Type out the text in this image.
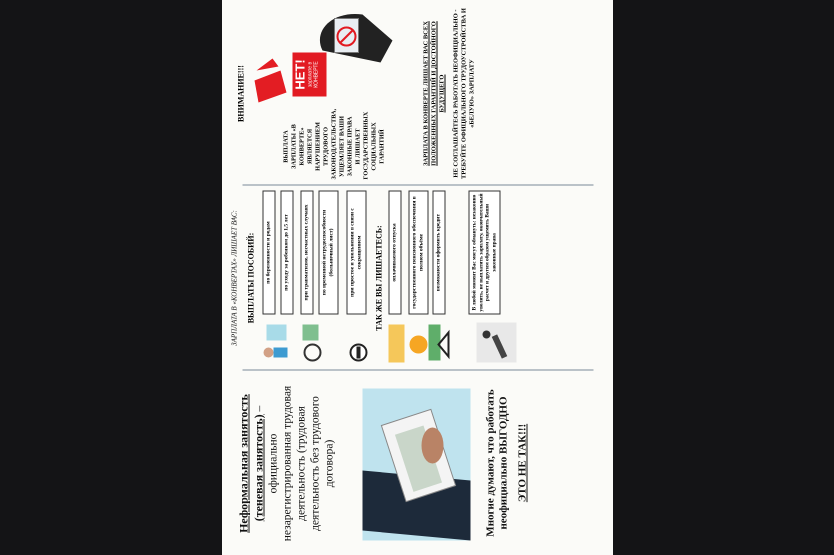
Неформальная занятость (теневая занятость) –
официально незарегистрированная трудовая деятельность (трудовая деятельность без трудового договора)	Многие думают, что работать неофициально ВЫГОДНО ЭТО НЕ ТАК!!!
ЗАРПЛАТА В «КОНВЕРТАХ» ЛИШАЕТ ВАС: ВЫПЛАТЫ ПОСОБИЙ:	по беременности и родам	по уходу за ребенком до 1,5 лет	при травматизме, несчастных случаях	по временной нетрудоспособности (больничный лист)	при простое и увольнении в связи с сокращением	ТАК ЖЕ ВЫ ЛИШАЕТЕСЬ:	оплачиваемого отпуска	государственного пенсионного обеспечения в полном объёме	возможности оформить кредит	В любой момент Вас могут обмануть: незаконно уволить, не выплатить зарплату, окончательный расчет и другим образом ущемить Ваши законные права
ВНИМАНИЕ!!!
ВЫПЛАТА ЗАРПЛАТЫ «В КОНВЕРТЕ» ЯВЛЯЕТСЯ НАРУШЕНИЕМ ТРУДОВОГО ЗАКОНОДАТЕЛЬСТВА, УЩЕМЛЯЕТ ВАШИ ЗАКОННЫЕ ПРАВА И ЛИШАЕТ ГОСУДАРСТВЕННЫХ СОЦИАЛЬНЫХ ГАРАНТИЙ
НЕТ! зарплате в КОНВЕРТЕ	ЗАРПЛАТА В КОНВЕРТЕ ЛИШАЕТ ВАС ВСЕХ ПОЛОЖЕННЫХ ГАРАНТИЙ И ДОСТОЙНОГО БУДУЩЕГО НЕ СОГЛАШАЙТЕСЬ РАБОТАТЬ НЕОФИЦИАЛЬНО - ТРЕБУЙТЕ ОФИЦИАЛЬНОГО ТРУДОУСТРОЙСТВА И «БЕЛУЮ» ЗАРПЛАТУ
